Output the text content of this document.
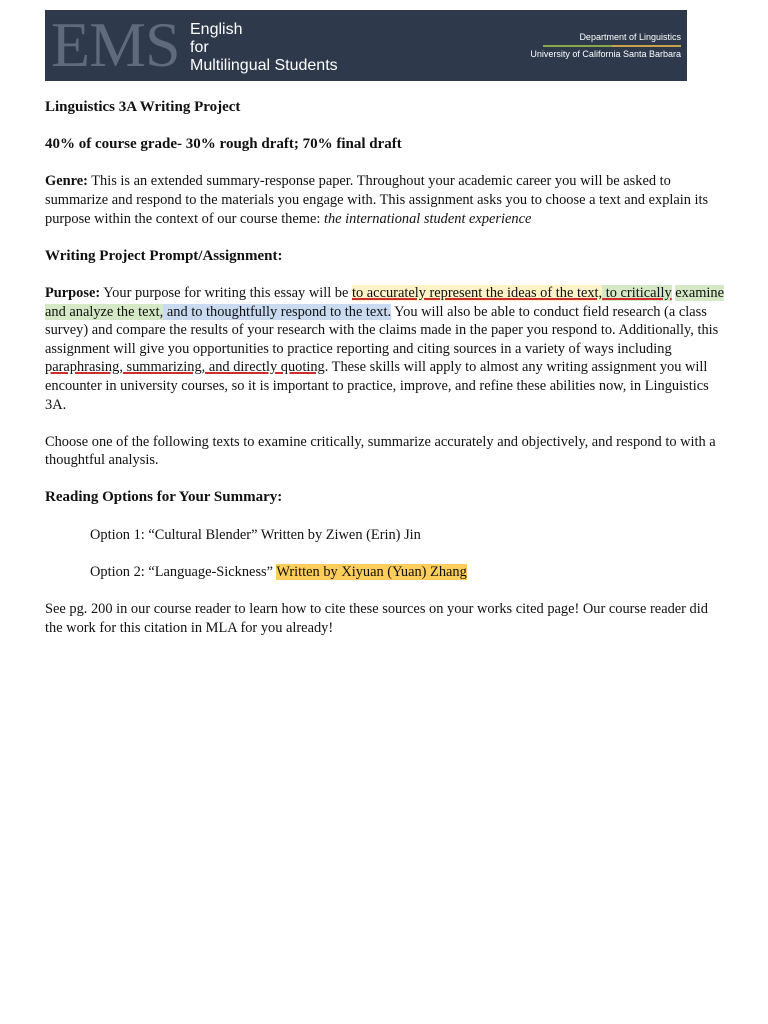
EMS English
for
Multilingual Students
Department of Linguistics
University of California Santa Barbara

Linguistics 3A Writing Project

40% of course grade- 30% rough draft; 70% final draft

Genre: This is an extended summary-response paper. Throughout your academic career you will be asked to summarize and respond to the materials you engage with. This assignment asks you to choose a text and explain its purpose within the context of our course theme: the international student experience

Writing Project Prompt/Assignment:

Purpose: Your purpose for writing this essay will be to accurately represent the ideas of the text, to critically examine and analyze the text, and to thoughtfully respond to the text. You will also be able to conduct field research (a class survey) and compare the results of your research with the claims made in the paper you respond to. Additionally, this assignment will give you opportunities to practice reporting and citing sources in a variety of ways including paraphrasing, summarizing, and directly quoting. These skills will apply to almost any writing assignment you will encounter in university courses, so it is important to practice, improve, and refine these abilities now, in Linguistics 3A.

Choose one of the following texts to examine critically, summarize accurately and objectively, and respond to with a thoughtful analysis.

Reading Options for Your Summary:

Option 1: “Cultural Blender” Written by Ziwen (Erin) Jin

Option 2: “Language-Sickness” Written by Xiyuan (Yuan) Zhang

See pg. 200 in our course reader to learn how to cite these sources on your works cited page! Our course reader did the work for this citation in MLA for you already!
